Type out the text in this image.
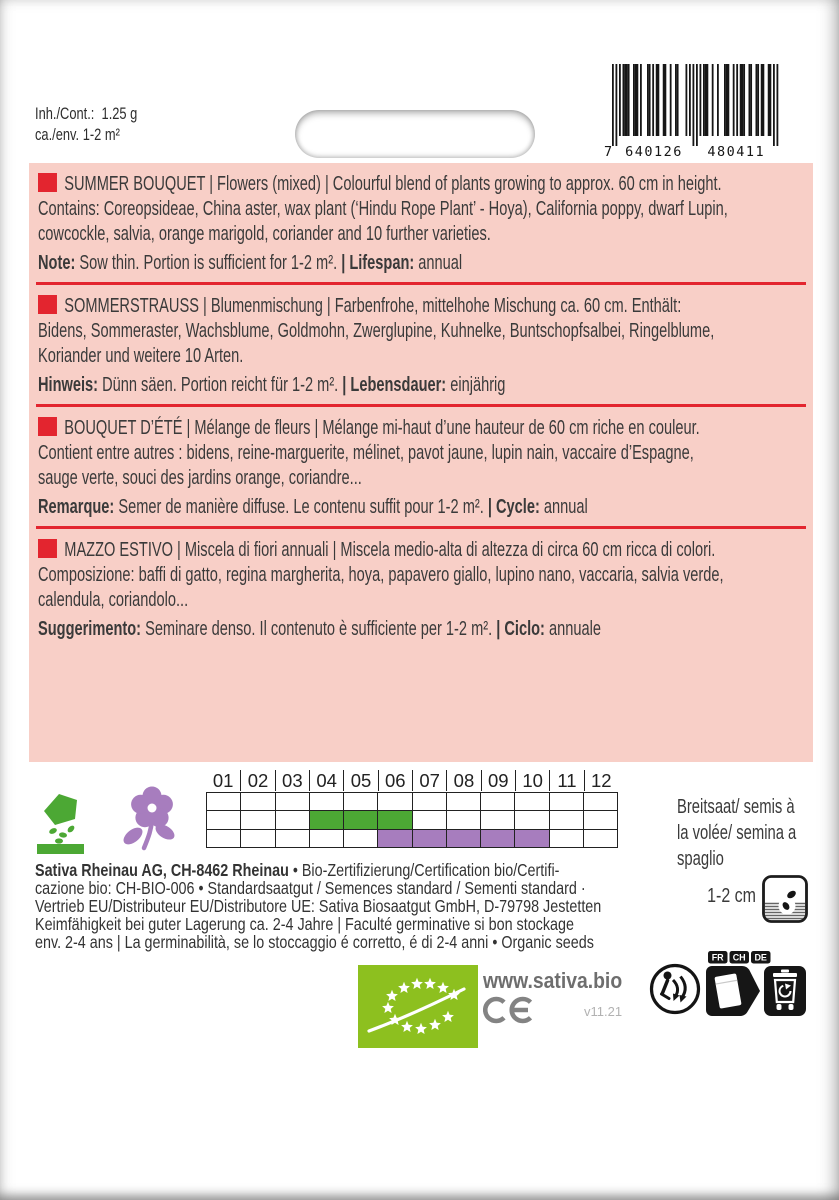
Inh./Cont.: 1.25 g
ca./env. 1-2 m²
7 640126 480411
SUMMER BOUQUET | Flowers (mixed) | Colourful blend of plants growing to approx. 60 cm in height.
Contains: Coreopsideae, China aster, wax plant (‘Hindu Rope Plant’ - Hoya), California poppy, dwarf Lupin,
cowcockle, salvia, orange marigold, coriander and 10 further varieties.
Note: Sow thin. Portion is sufficient for 1-2 m². | Lifespan: annual
SOMMERSTRAUSS | Blumenmischung | Farbenfrohe, mittelhohe Mischung ca. 60 cm. Enthält:
Bidens, Sommeraster, Wachsblume, Goldmohn, Zwerglupine, Kuhnelke, Buntschopfsalbei, Ringelblume,
Koriander und weitere 10 Arten.
Hinweis: Dünn säen. Portion reicht für 1-2 m². | Lebensdauer: einjährig
BOUQUET D’ÉTÉ | Mélange de fleurs | Mélange mi-haut d’une hauteur de 60 cm riche en couleur.
Contient entre autres : bidens, reine-marguerite, mélinet, pavot jaune, lupin nain, vaccaire d’Espagne,
sauge verte, souci des jardins orange, coriandre...
Remarque: Semer de manière diffuse. Le contenu suffit pour 1-2 m². | Cycle: annual
MAZZO ESTIVO | Miscela di fiori annuali | Miscela medio-alta di altezza di circa 60 cm ricca di colori.
Composizione: baffi di gatto, regina margherita, hoya, papavero giallo, lupino nano, vaccaria, salvia verde,
calendula, coriandolo...
Suggerimento: Seminare denso. Il contenuto è sufficiente per 1-2 m². | Ciclo: annuale
01 02 03 04 05 06 07 08 09 10 11 12
Breitsaat/ semis à
la volée/ semina a
spaglio
1-2 cm
Sativa Rheinau AG, CH-8462 Rheinau • Bio-Zertifizierung/Certification bio/Certifi-
cazione bio: CH-BIO-006 • Standardsaatgut / Semences standard / Sementi standard ·
Vertrieb EU/Distributeur EU/Distributore UE: Sativa Biosaatgut GmbH, D-79798 Jestetten
Keimfähigkeit bei guter Lagerung ca. 2-4 Jahre | Faculté germinative si bon stockage
env. 2-4 ans | La germinabilità, se lo stoccaggio é corretto, é di 2-4 anni • Organic seeds
www.sativa.bio
v11.21
FR CH DE
